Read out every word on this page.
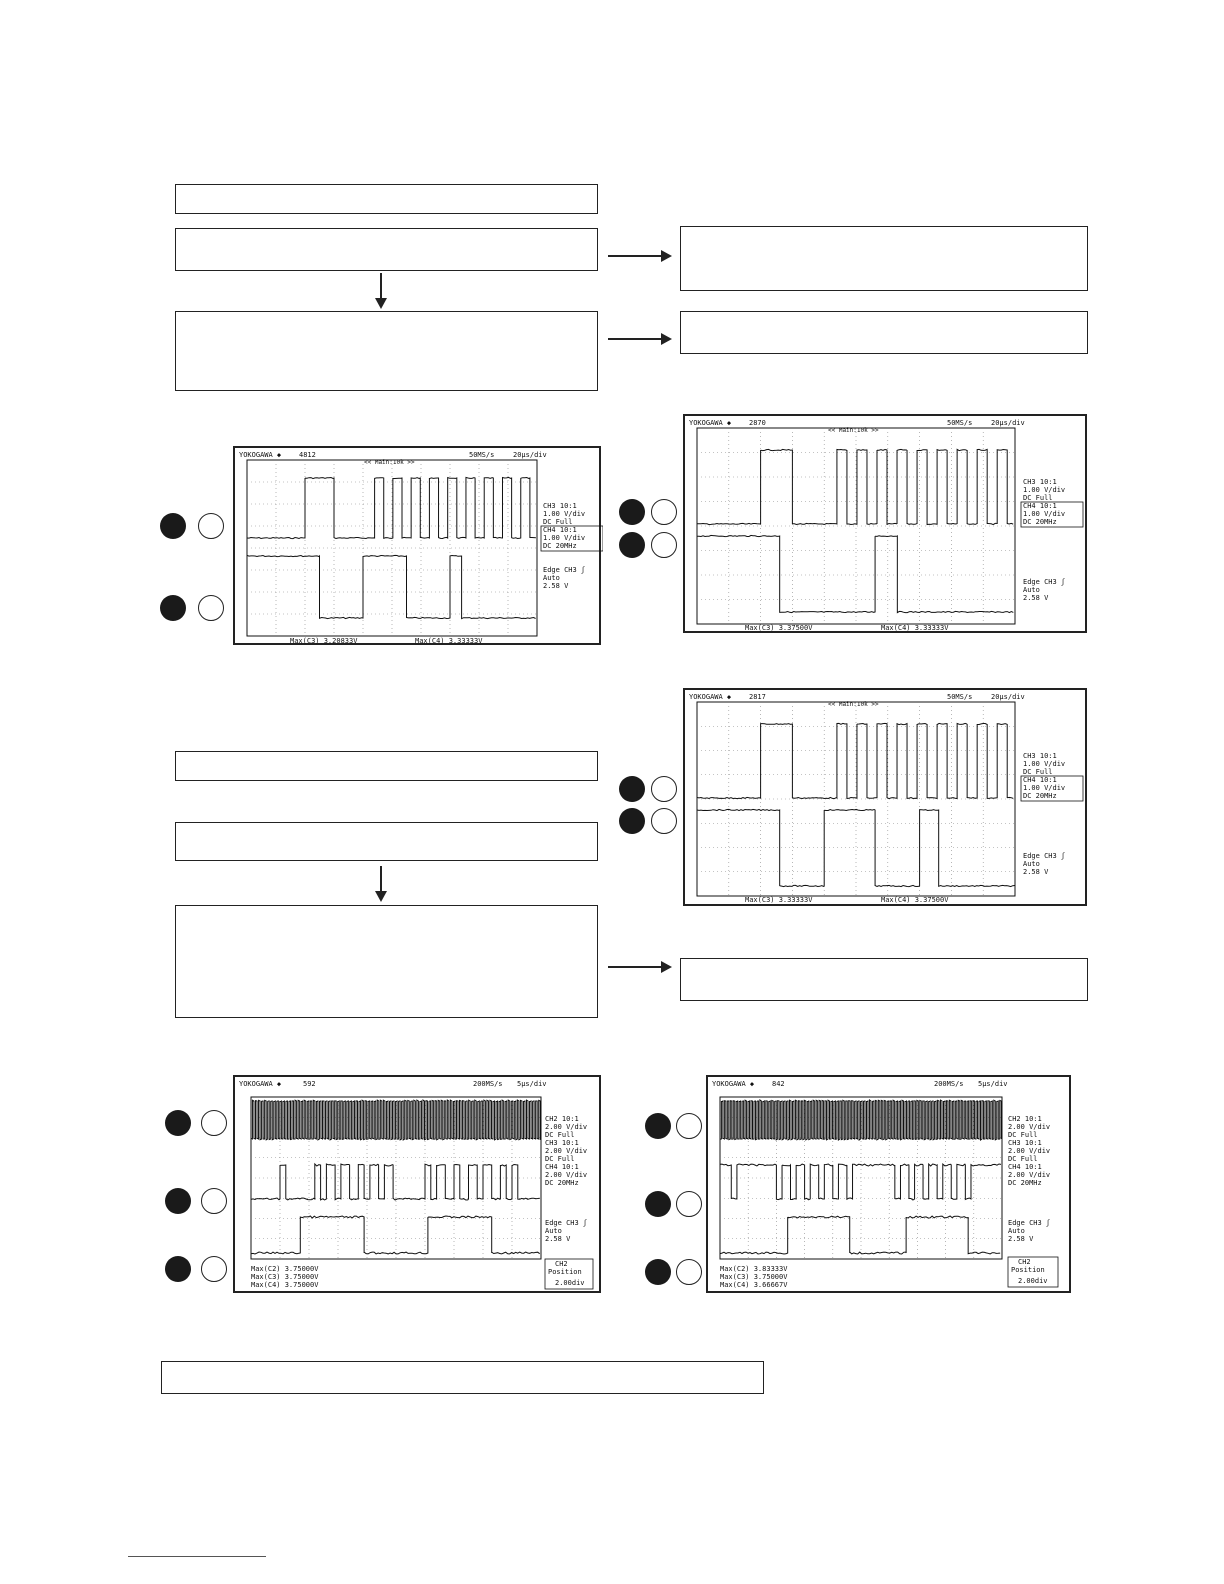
YOKOGAWA ◆	4812	50MS/s	20µs/div
<< Main:10k >>
CH3 10:1
1.00 V/div
DC Full
CH4 10:1
1.00 V/div
DC 20MHz
Edge CH3 ʃ
Auto
2.58 V
Max(C3) 3.20833V	Max(C4) 3.33333V
YOKOGAWA ◆	2870	50MS/s	20µs/div
<< Main:10k >>
CH3 10:1
1.00 V/div
DC Full
CH4 10:1
1.00 V/div
DC 20MHz
Edge CH3 ʃ
Auto
2.58 V
Max(C3) 3.37500V	Max(C4) 3.33333V
YOKOGAWA ◆	2817	50MS/s	20µs/div
<< Main:10k >>
CH3 10:1
1.00 V/div
DC Full
CH4 10:1
1.00 V/div
DC 20MHz
Edge CH3 ʃ
Auto
2.58 V
Max(C3) 3.33333V	Max(C4) 3.37500V
YOKOGAWA ◆	592	200MS/s 5µs/div
CH2 10:1
2.00 V/div
DC Full
CH3 10:1
2.00 V/div
DC Full
CH4 10:1
2.00 V/div
DC 20MHz
Edge CH3 ʃ
Auto
2.58 V
Max(C2) 3.75000V
Max(C3) 3.75000V
Max(C4) 3.75000V
CH2
Position
2.00div
YOKOGAWA ◆	842	200MS/s 5µs/div
CH2 10:1
2.00 V/div
DC Full
CH3 10:1
2.00 V/div
DC Full
CH4 10:1
2.00 V/div
DC 20MHz
Edge CH3 ʃ
Auto
2.58 V
Max(C2) 3.83333V
Max(C3) 3.75000V
Max(C4) 3.66667V
CH2
Position
2.00div
